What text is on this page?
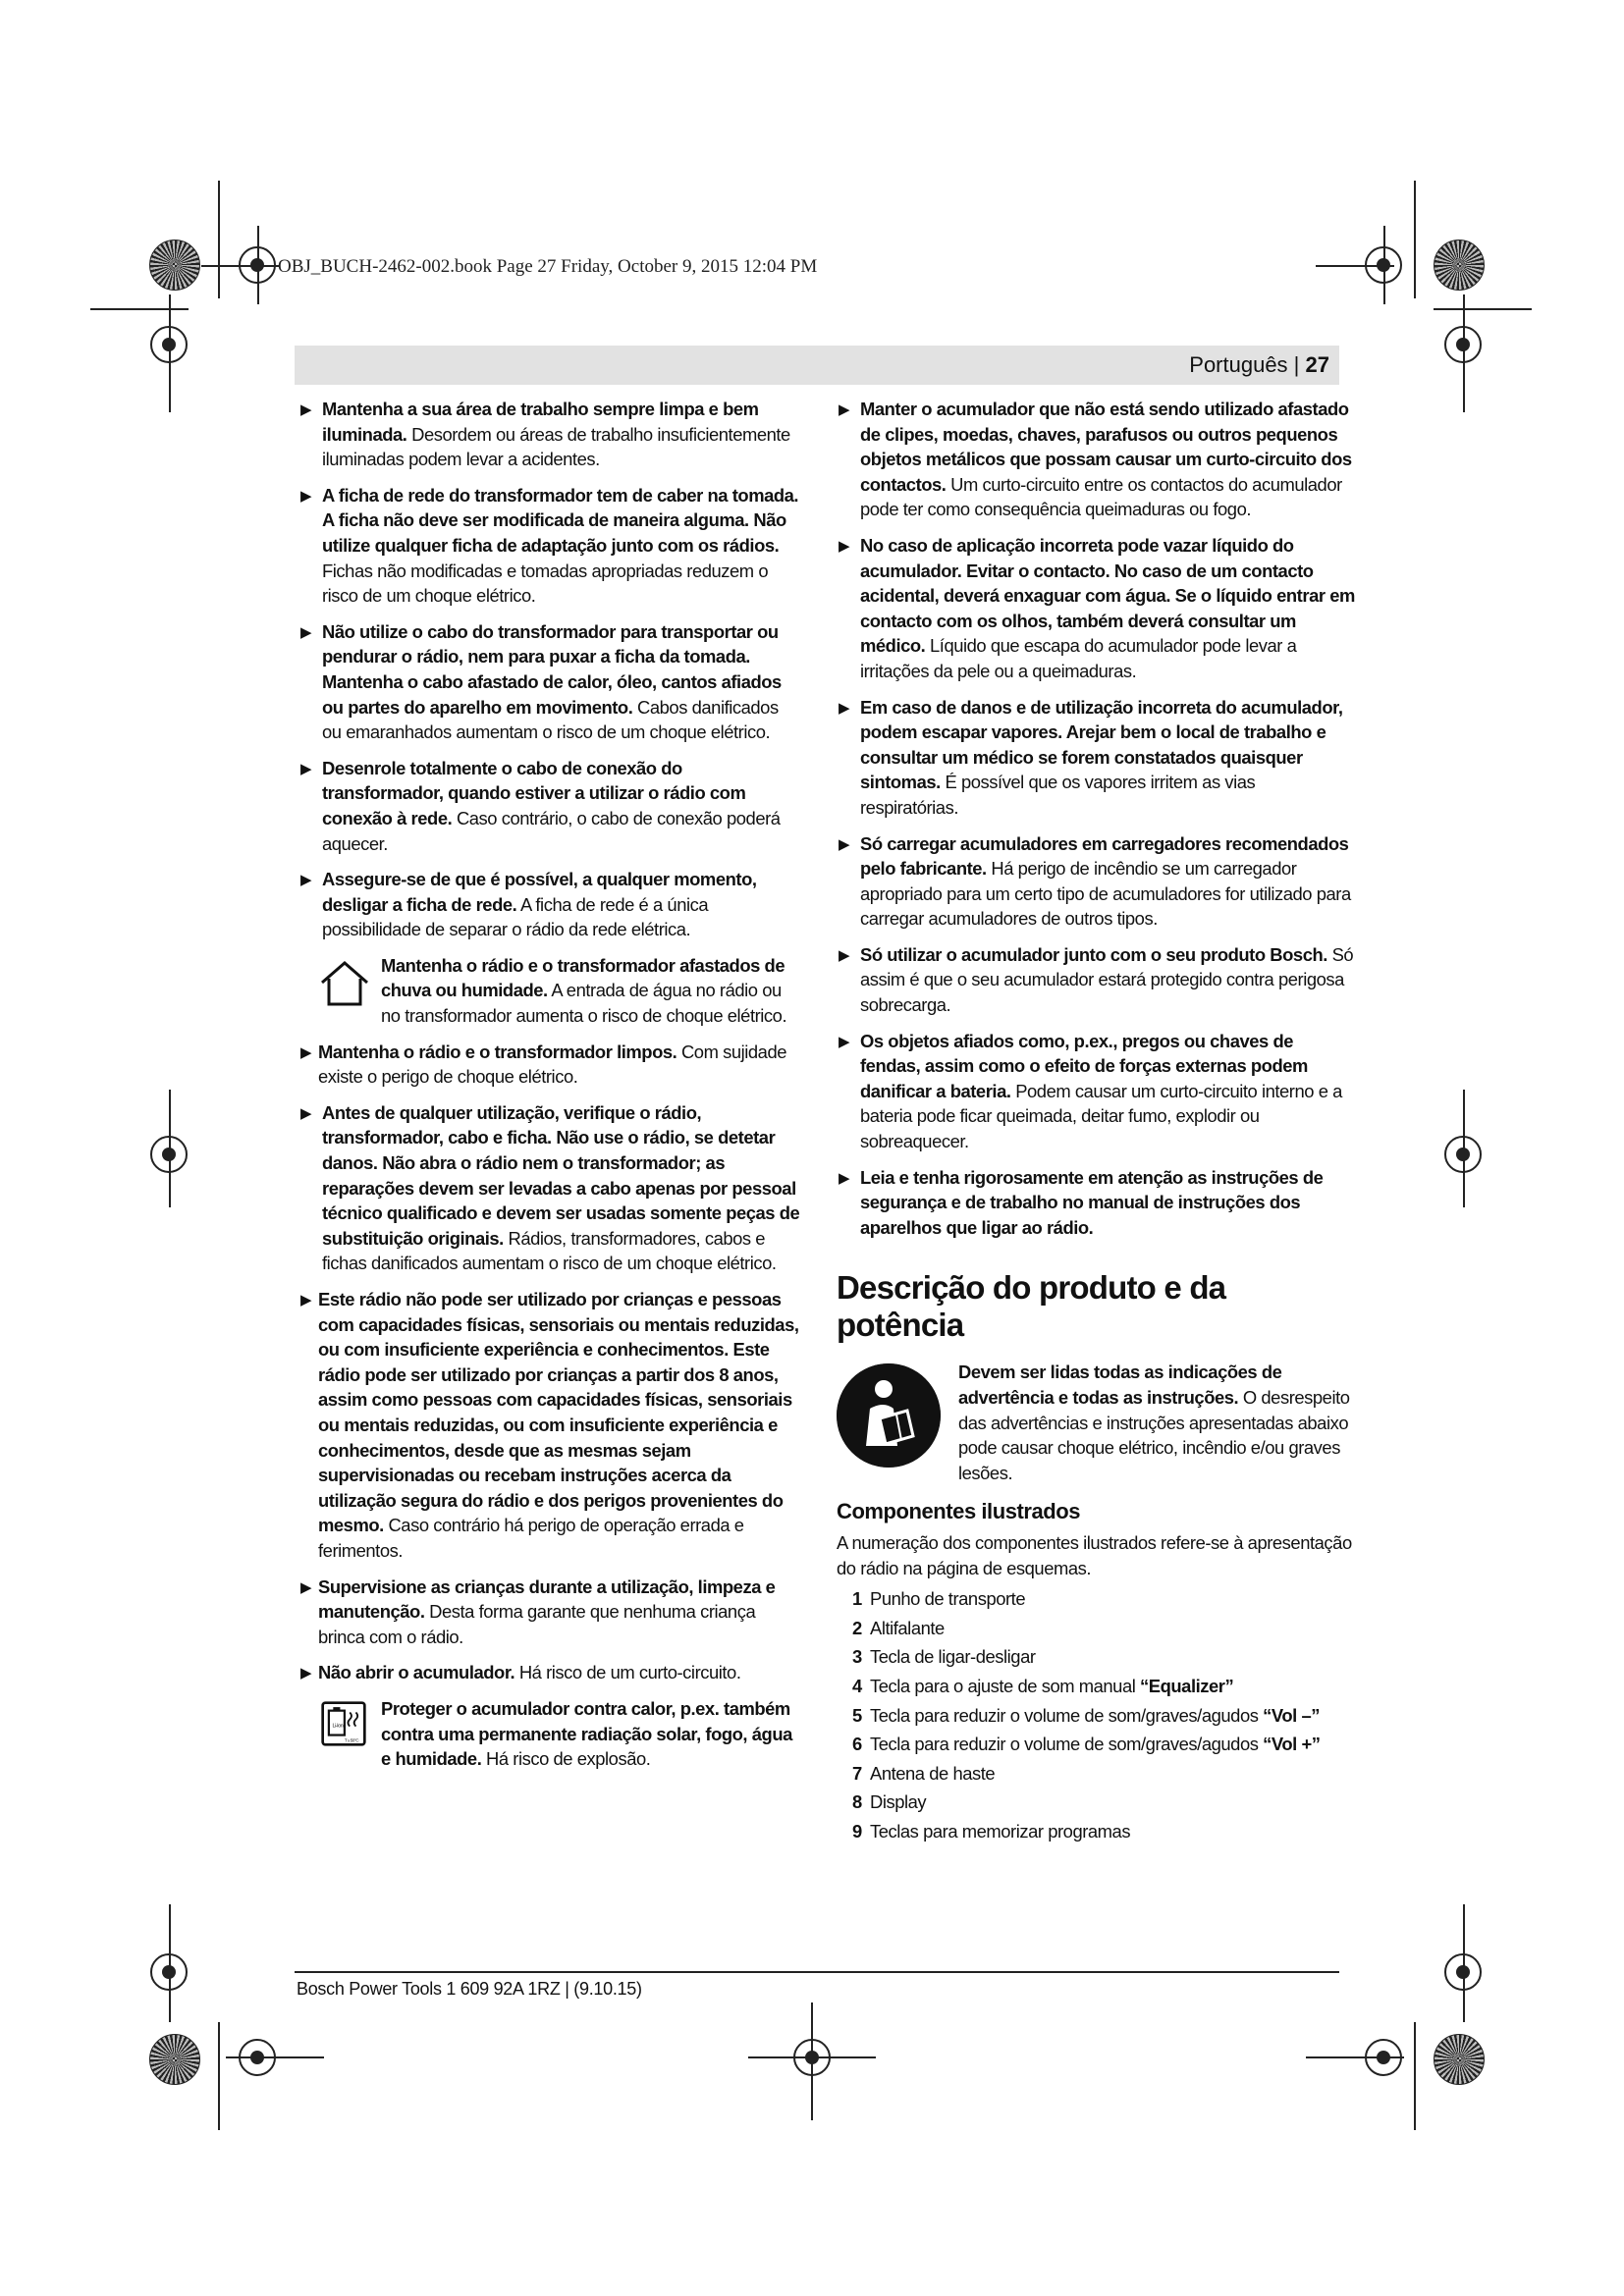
OBJ_BUCH-2462-002.book Page 27 Friday, October 9, 2015 12:04 PM
Português | 27
▶ Mantenha a sua área de trabalho sempre limpa e bem iluminada. Desordem ou áreas de trabalho insuficientemente iluminadas podem levar a acidentes.
▶ A ficha de rede do transformador tem de caber na tomada. A ficha não deve ser modificada de maneira alguma. Não utilize qualquer ficha de adaptação junto com os rádios. Fichas não modificadas e tomadas apropriadas reduzem o risco de um choque elétrico.
▶ Não utilize o cabo do transformador para transportar ou pendurar o rádio, nem para puxar a ficha da tomada. Mantenha o cabo afastado de calor, óleo, cantos afiados ou partes do aparelho em movimento. Cabos danificados ou emaranhados aumentam o risco de um choque elétrico.
▶ Desenrole totalmente o cabo de conexão do transformador, quando estiver a utilizar o rádio com conexão à rede. Caso contrário, o cabo de conexão poderá aquecer.
▶ Assegure-se de que é possível, a qualquer momento, desligar a ficha de rede. A ficha de rede é a única possibilidade de separar o rádio da rede elétrica.
Mantenha o rádio e o transformador afastados de chuva ou humidade. A entrada de água no rádio ou no transformador aumenta o risco de choque elétrico.
▶ Mantenha o rádio e o transformador limpos. Com sujidade existe o perigo de choque elétrico.
▶ Antes de qualquer utilização, verifique o rádio, transformador, cabo e ficha. Não use o rádio, se detetar danos. Não abra o rádio nem o transformador; as reparações devem ser levadas a cabo apenas por pessoal técnico qualificado e devem ser usadas somente peças de substituição originais. Rádios, transformadores, cabos e fichas danificados aumentam o risco de um choque elétrico.
▶ Este rádio não pode ser utilizado por crianças e pessoas com capacidades físicas, sensoriais ou mentais reduzidas, ou com insuficiente experiência e conhecimentos. Este rádio pode ser utilizado por crianças a partir dos 8 anos, assim como pessoas com capacidades físicas, sensoriais ou mentais reduzidas, ou com insuficiente experiência e conhecimentos, desde que as mesmas sejam supervisionadas ou recebam instruções acerca da utilização segura do rádio e dos perigos provenientes do mesmo. Caso contrário há perigo de operação errada e ferimentos.
▶ Supervisione as crianças durante a utilização, limpeza e manutenção. Desta forma garante que nenhuma criança brinca com o rádio.
▶ Não abrir o acumulador. Há risco de um curto-circuito.
Li-Ion
T ≤ 50°C
Proteger o acumulador contra calor, p.ex. também contra uma permanente radiação solar, fogo, água e humidade. Há risco de explosão.
▶ Manter o acumulador que não está sendo utilizado afastado de clipes, moedas, chaves, parafusos ou outros pequenos objetos metálicos que possam causar um curto-circuito dos contactos. Um curto-circuito entre os contactos do acumulador pode ter como consequência queimaduras ou fogo.
▶ No caso de aplicação incorreta pode vazar líquido do acumulador. Evitar o contacto. No caso de um contacto acidental, deverá enxaguar com água. Se o líquido entrar em contacto com os olhos, também deverá consultar um médico. Líquido que escapa do acumulador pode levar a irritações da pele ou a queimaduras.
▶ Em caso de danos e de utilização incorreta do acumulador, podem escapar vapores. Arejar bem o local de trabalho e consultar um médico se forem constatados quaisquer sintomas. É possível que os vapores irritem as vias respiratórias.
▶ Só carregar acumuladores em carregadores recomendados pelo fabricante. Há perigo de incêndio se um carregador apropriado para um certo tipo de acumuladores for utilizado para carregar acumuladores de outros tipos.
▶ Só utilizar o acumulador junto com o seu produto Bosch. Só assim é que o seu acumulador estará protegido contra perigosa sobrecarga.
▶ Os objetos afiados como, p.ex., pregos ou chaves de fendas, assim como o efeito de forças externas podem danificar a bateria. Podem causar um curto-circuito interno e a bateria pode ficar queimada, deitar fumo, explodir ou sobreaquecer.
▶ Leia e tenha rigorosamente em atenção as instruções de segurança e de trabalho no manual de instruções dos aparelhos que ligar ao rádio.
Descrição do produto e da potência
Devem ser lidas todas as indicações de advertência e todas as instruções. O desrespeito das advertências e instruções apresentadas abaixo pode causar choque elétrico, incêndio e/ou graves lesões.
Componentes ilustrados
A numeração dos componentes ilustrados refere-se à apresentação do rádio na página de esquemas.
1 Punho de transporte
2 Altifalante
3 Tecla de ligar-desligar
4 Tecla para o ajuste de som manual “Equalizer”
5 Tecla para reduzir o volume de som/graves/agudos “Vol –”
6 Tecla para reduzir o volume de som/graves/agudos “Vol +”
7 Antena de haste
8 Display
9 Teclas para memorizar programas
Bosch Power Tools 1 609 92A 1RZ | (9.10.15)
